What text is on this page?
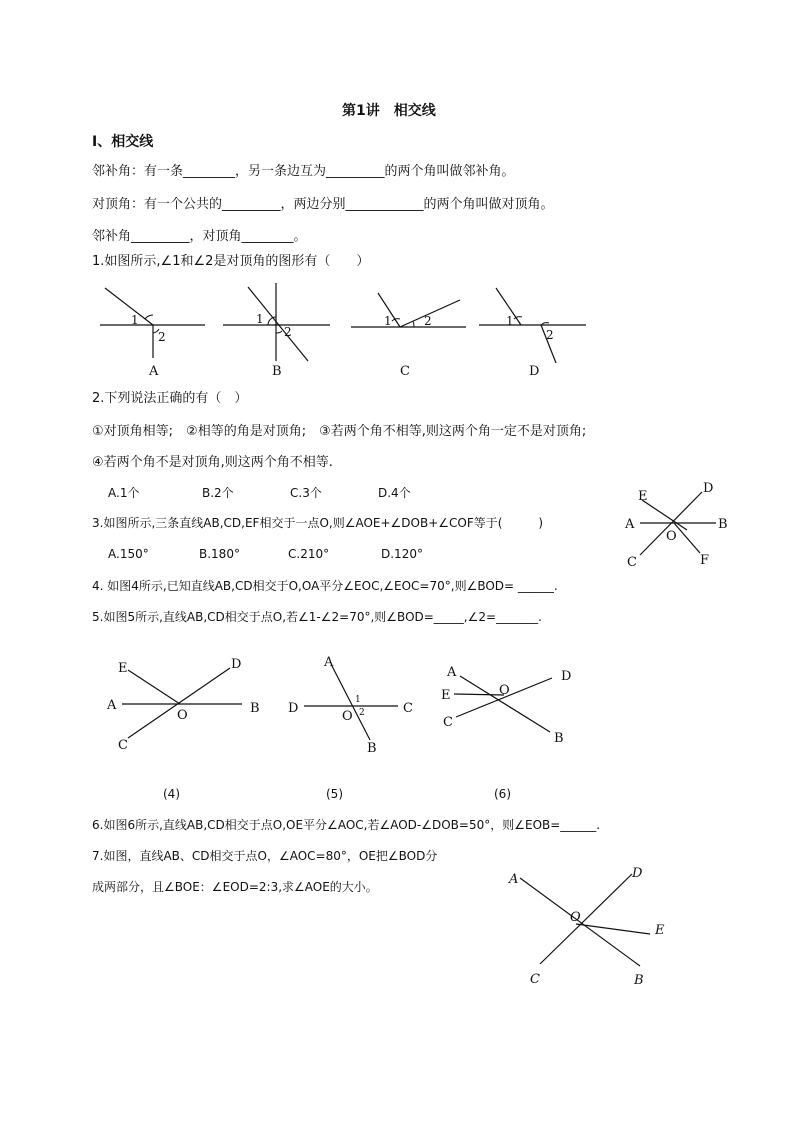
第1讲　相交线
Ⅰ、相交线
邻补角：有一条________，另一条边互为_________的两个角叫做邻补角。
对顶角：有一个公共的_________，两边分别____________的两个角叫做对顶角。
邻补角_________，对顶角________。
1.如图所示,∠1和∠2是对顶角的图形有（　　）
1
2
A
1
2
B
1	2
C
1
2
D
2.下列说法正确的有（　）
①对顶角相等;　②相等的角是对顶角;　③若两个角不相等,则这两个角一定不是对顶角;
④若两个角不是对顶角,则这两个角不相等.
A.1个	B.2个	C.3个	D.4个
3.如图所示,三条直线AB,CD,EF相交于一点O,则∠AOE+∠DOB+∠COF等于(　　　)
A.150°	B.180°	C.210°	D.120°
A	B
C
D
E
F
O
4. 如图4所示,已知直线AB,CD相交于O,OA平分∠EOC,∠EOC=70°,则∠BOD= ______.
5.如图5所示,直线AB,CD相交于点O,若∠1-∠2=70°,则∠BOD=_____,∠2=_______.
A	B
C
D
E
O
A
B
C
D
O
1
2
A
B
C
D
E	O
(4)	(5)	(6)
6.如图6所示,直线AB,CD相交于点O,OE平分∠AOC,若∠AOD-∠DOB=50°，则∠EOB=______.
7.如图，直线AB、CD相交于点O，∠AOC=80°，OE把∠BOD分
成两部分，且∠BOE：∠EOD=2:3,求∠AOE的大小。	A
B
C
D
E
O
